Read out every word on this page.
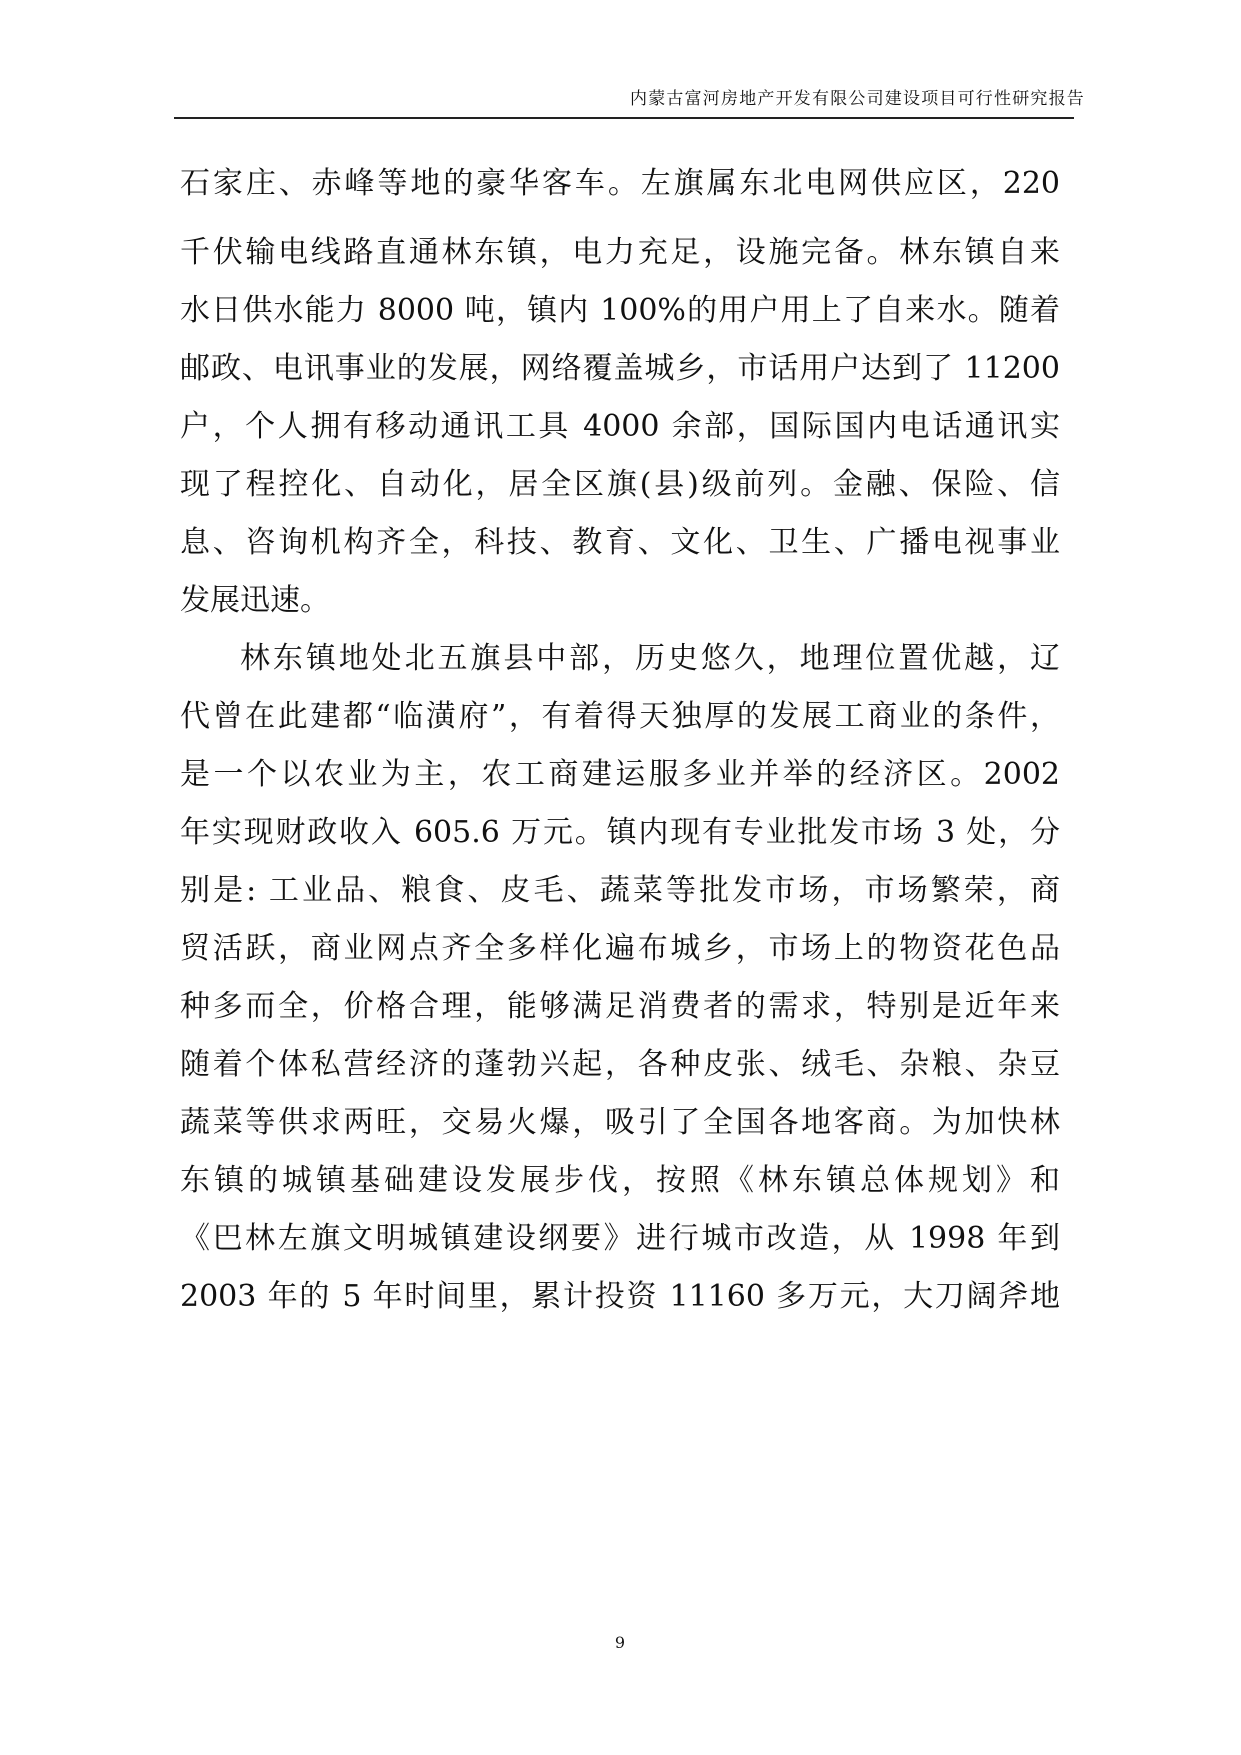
内蒙古富河房地产开发有限公司建设项目可行性研究报告
石家庄、赤峰等地的豪华客车。左旗属东北电网供应区，220
千伏输电线路直通林东镇，电力充足，设施完备。林东镇自来
水日供水能力 8000 吨，镇内 100%的用户用上了自来水。随着
邮政、电讯事业的发展，网络覆盖城乡，市话用户达到了 11200
户，个人拥有移动通讯工具 4000 余部，国际国内电话通讯实
现了程控化、自动化，居全区旗(县)级前列。金融、保险、信
息、咨询机构齐全，科技、教育、文化、卫生、广播电视事业
发展迅速。
林东镇地处北五旗县中部，历史悠久，地理位置优越，辽
代曾在此建都“临潢府”，有着得天独厚的发展工商业的条件，
是一个以农业为主，农工商建运服多业并举的经济区。2002
年实现财政收入 605.6 万元。镇内现有专业批发市场 3 处，分
别是: 工业品、粮食、皮毛、蔬菜等批发市场，市场繁荣，商
贸活跃，商业网点齐全多样化遍布城乡，市场上的物资花色品
种多而全，价格合理，能够满足消费者的需求，特别是近年来
随着个体私营经济的蓬勃兴起，各种皮张、绒毛、杂粮、杂豆
蔬菜等供求两旺，交易火爆，吸引了全国各地客商。为加快林
东镇的城镇基础建设发展步伐，按照《林东镇总体规划》和
《巴林左旗文明城镇建设纲要》进行城市改造，从 1998 年到
2003 年的 5 年时间里，累计投资 11160 多万元，大刀阔斧地
9
